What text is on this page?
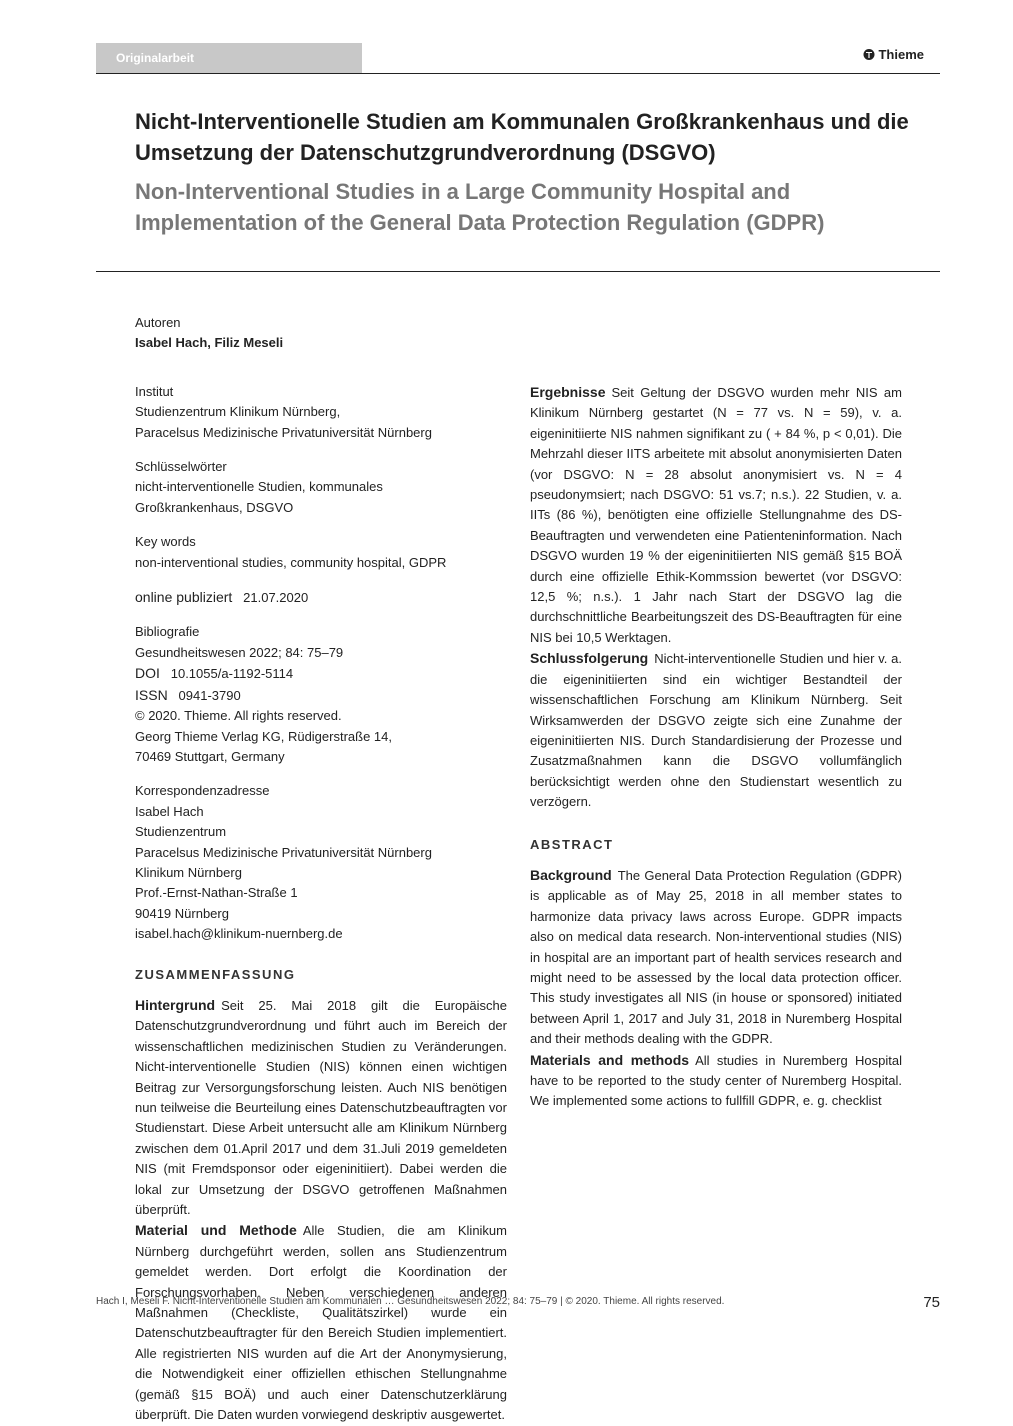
Originalarbeit	Thieme
Nicht-Interventionelle Studien am Kommunalen Großkrankenhaus und die Umsetzung der Datenschutzgrundverordnung (DSGVO)
Non-Interventional Studies in a Large Community Hospital and Implementation of the General Data Protection Regulation (GDPR)
Autoren
Isabel Hach, Filiz Meseli
Institut
Studienzentrum Klinikum Nürnberg,
Paracelsus Medizinische Privatuniversität Nürnberg
Schlüsselwörter
nicht-interventionelle Studien, kommunales Großkrankenhaus, DSGVO
Key words
non-interventional studies, community hospital, GDPR
online publiziert 21.07.2020
Bibliografie
Gesundheitswesen 2022; 84: 75–79
DOI 10.1055/a-1192-5114
ISSN 0941-3790
© 2020. Thieme. All rights reserved.
Georg Thieme Verlag KG, Rüdigerstraße 14,
70469 Stuttgart, Germany
Korrespondenzadresse
Isabel Hach
Studienzentrum
Paracelsus Medizinische Privatuniversität Nürnberg
Klinikum Nürnberg
Prof.-Ernst-Nathan-Straße 1
90419 Nürnberg
isabel.hach@klinikum-nuernberg.de
ZUSAMMENFASSUNG

Hintergrund Seit 25. Mai 2018 gilt die Europäische Datenschutzgrundverordnung und führt auch im Bereich der wissenschaftlichen medizinischen Studien zu Veränderungen. Nicht-interventionelle Studien (NIS) können einen wichtigen Beitrag zur Versorgungsforschung leisten. Auch NIS benötigen nun teilweise die Beurteilung eines Datenschutzbeauftragten vor Studienstart. Diese Arbeit untersucht alle am Klinikum Nürnberg zwischen dem 01.April 2017 und dem 31.Juli 2019 gemeldeten NIS (mit Fremdsponsor oder eigeninitiiert). Dabei werden die lokal zur Umsetzung der DSGVO getroffenen Maßnahmen überprüft.

Material und Methode Alle Studien, die am Klinikum Nürnberg durchgeführt werden, sollen ans Studienzentrum gemeldet werden. Dort erfolgt die Koordination der Forschungsvorhaben. Neben verschiedenen anderen Maßnahmen (Checkliste, Qualitätszirkel) wurde ein Datenschutzbeauftragter für den Bereich Studien implementiert. Alle registrierten NIS wurden auf die Art der Anonymysierung, die Notwendigkeit einer offiziellen ethischen Stellungnahme (gemäß §15 BOÄ) und auch einer Datenschutzerklärung überprüft. Die Daten wurden vorwiegend deskriptiv ausgewertet.

Ergebnisse Seit Geltung der DSGVO wurden mehr NIS am Klinikum Nürnberg gestartet (N = 77 vs. N = 59), v. a. eigeninitiierte NIS nahmen signifikant zu ( + 84 %, p < 0,01). Die Mehrzahl dieser IITS arbeitete mit absolut anonymisierten Daten (vor DSGVO: N = 28 absolut anonymisiert vs. N = 4 pseudonymsiert; nach DSGVO: 51 vs.7; n.s.). 22 Studien, v. a. IITs (86 %), benötigten eine offizielle Stellungnahme des DS-Beauftragten und verwendeten eine Patienteninformation. Nach DSGVO wurden 19 % der eigeninitiierten NIS gemäß §15 BOÄ durch eine offizielle Ethik-Kommssion bewertet (vor DSGVO: 12,5 %; n.s.). 1 Jahr nach Start der DSGVO lag die durchschnittliche Bearbeitungszeit des DS-Beauftragten für eine NIS bei 10,5 Werktagen.

Schlussfolgerung Nicht-interventionelle Studien und hier v. a. die eigeninitiierten sind ein wichtiger Bestandteil der wissenschaftlichen Forschung am Klinikum Nürnberg. Seit Wirksamwerden der DSGVO zeigte sich eine Zunahme der eigeninitiierten NIS. Durch Standardisierung der Prozesse und Zusatzmaßnahmen kann die DSGVO vollumfänglich berücksichtigt werden ohne den Studienstart wesentlich zu verzögern.

ABSTRACT

Background The General Data Protection Regulation (GDPR) is applicable as of May 25, 2018 in all member states to harmonize data privacy laws across Europe. GDPR impacts also on medical data research. Non-interventional studies (NIS) in hospital are an important part of health services research and might need to be assessed by the local data protection officer. This study investigates all NIS (in house or sponsored) initiated between April 1, 2017 and July 31, 2018 in Nuremberg Hospital and their methods dealing with the GDPR.

Materials and methods All studies in Nuremberg Hospital have to be reported to the study center of Nuremberg Hospital. We implemented some actions to fullfill GDPR, e. g. checklist

Hach I, Meseli F. Nicht-Interventionelle Studien am Kommunalen … Gesundheitswesen 2022; 84: 75–79 | © 2020. Thieme. All rights reserved.	75
